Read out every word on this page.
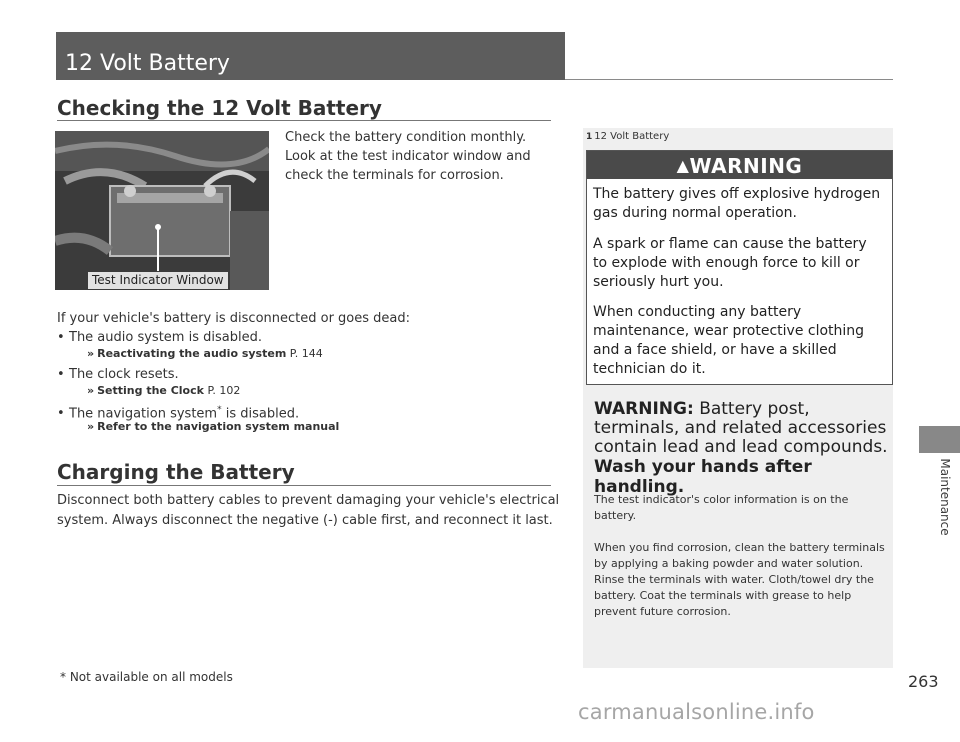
12 Volt Battery
Maintenance
Checking the 12 Volt Battery
Test Indicator Window
Check the battery condition monthly. Look at the test indicator window and check the terminals for corrosion.
If your vehicle's battery is disconnected or goes dead:
• The audio system is disabled.
» Reactivating the audio system P. 144
• The clock resets.
» Setting the Clock P. 102
• The navigation system* is disabled.
» Refer to the navigation system manual
Charging the Battery
Disconnect both battery cables to prevent damaging your vehicle's electrical system. Always disconnect the negative (-) cable first, and reconnect it last.
1 12 Volt Battery
▲WARNING
The battery gives off explosive hydrogen gas during normal operation.
A spark or flame can cause the battery to explode with enough force to kill or seriously hurt you.
When conducting any battery maintenance, wear protective clothing and a face shield, or have a skilled technician do it.
WARNING: Battery post, terminals, and related accessories contain lead and lead compounds.
Wash your hands after handling.
The test indicator's color information is on the battery.
When you find corrosion, clean the battery terminals by applying a baking powder and water solution. Rinse the terminals with water. Cloth/towel dry the battery. Coat the terminals with grease to help prevent future corrosion.
* Not available on all models	263
carmanualsonline.info
